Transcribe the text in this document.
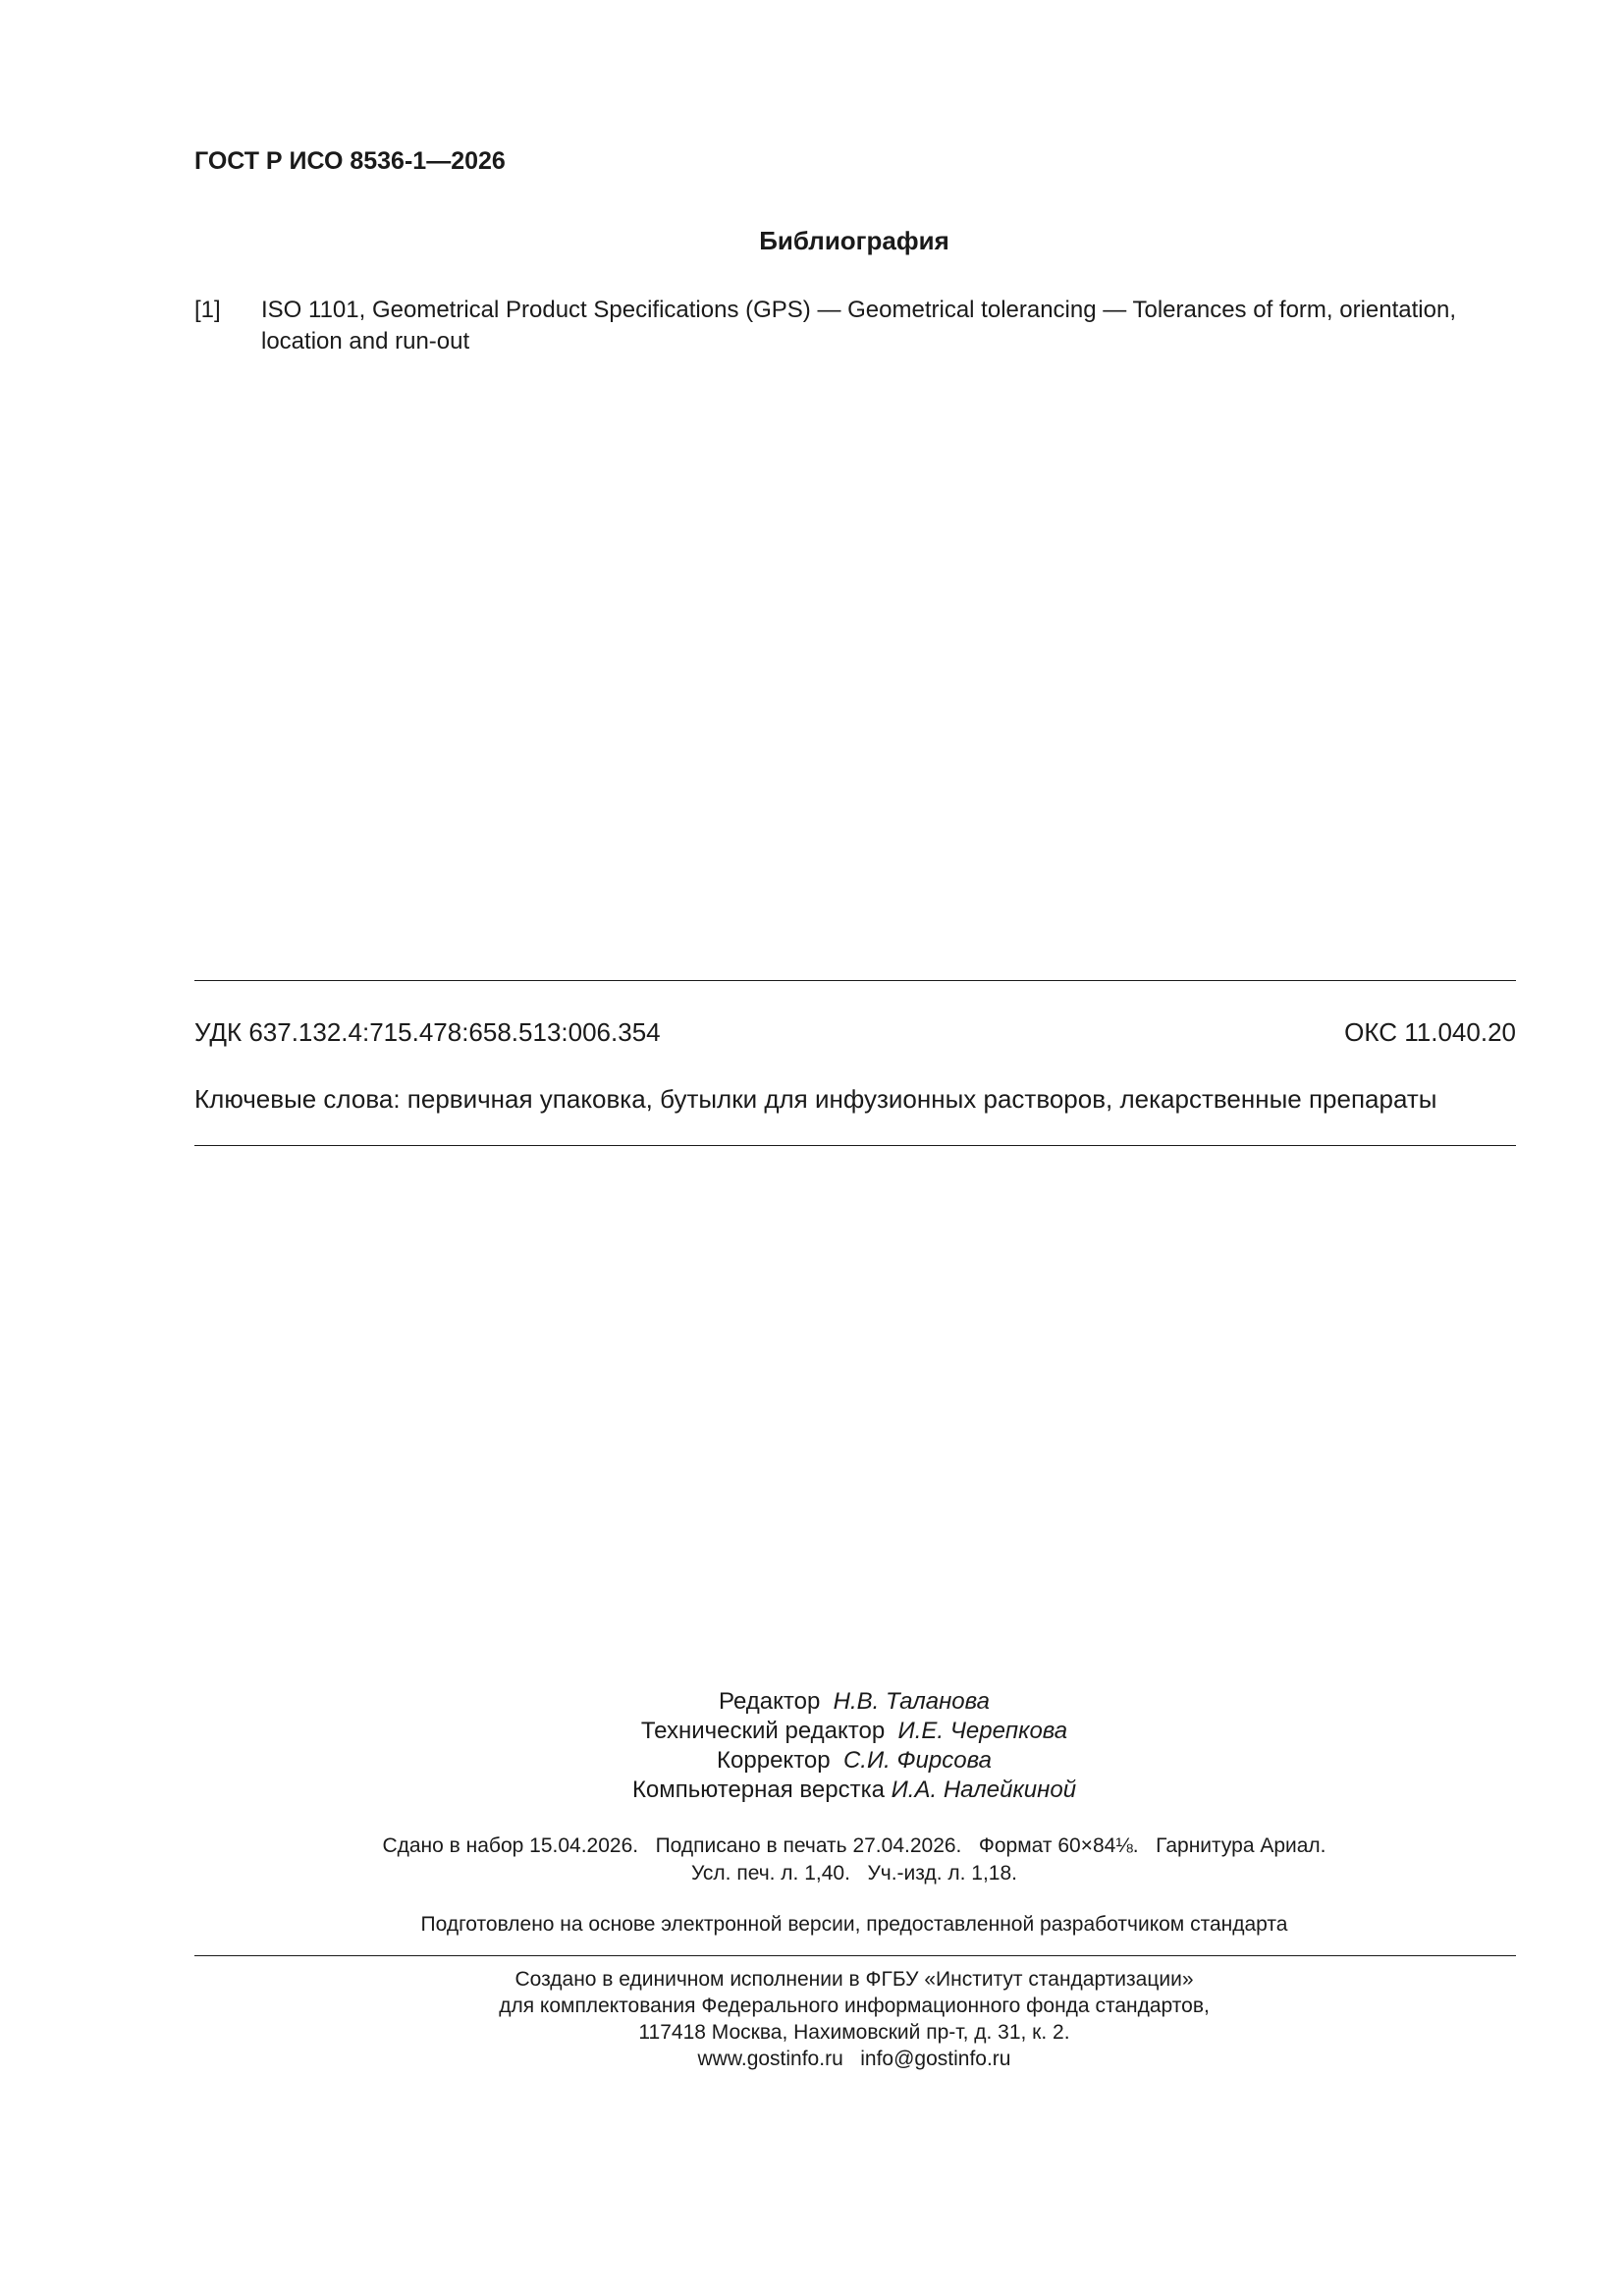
ГОСТ Р ИСО 8536-1—2026
Библиография
[1]	ISO 1101, Geometrical Product Specifications (GPS) — Geometrical tolerancing — Tolerances of form, orientation, location and run-out
УДК 637.132.4:715.478:658.513:006.354	ОКС 11.040.20
Ключевые слова: первичная упаковка, бутылки для инфузионных растворов, лекарственные препараты
Редактор Н.В. Таланова
Технический редактор И.Е. Черепкова
Корректор С.И. Фирсова
Компьютерная верстка И.А. Налейкиной
Сдано в набор 15.04.2026.   Подписано в печать 27.04.2026.   Формат 60×84⅛.   Гарнитура Ариал.
Усл. печ. л. 1,40.   Уч.-изд. л. 1,18.
Подготовлено на основе электронной версии, предоставленной разработчиком стандарта
Создано в единичном исполнении в ФГБУ «Институт стандартизации»
для комплектования Федерального информационного фонда стандартов,
117418 Москва, Нахимовский пр-т, д. 31, к. 2.
www.gostinfo.ru   info@gostinfo.ru
